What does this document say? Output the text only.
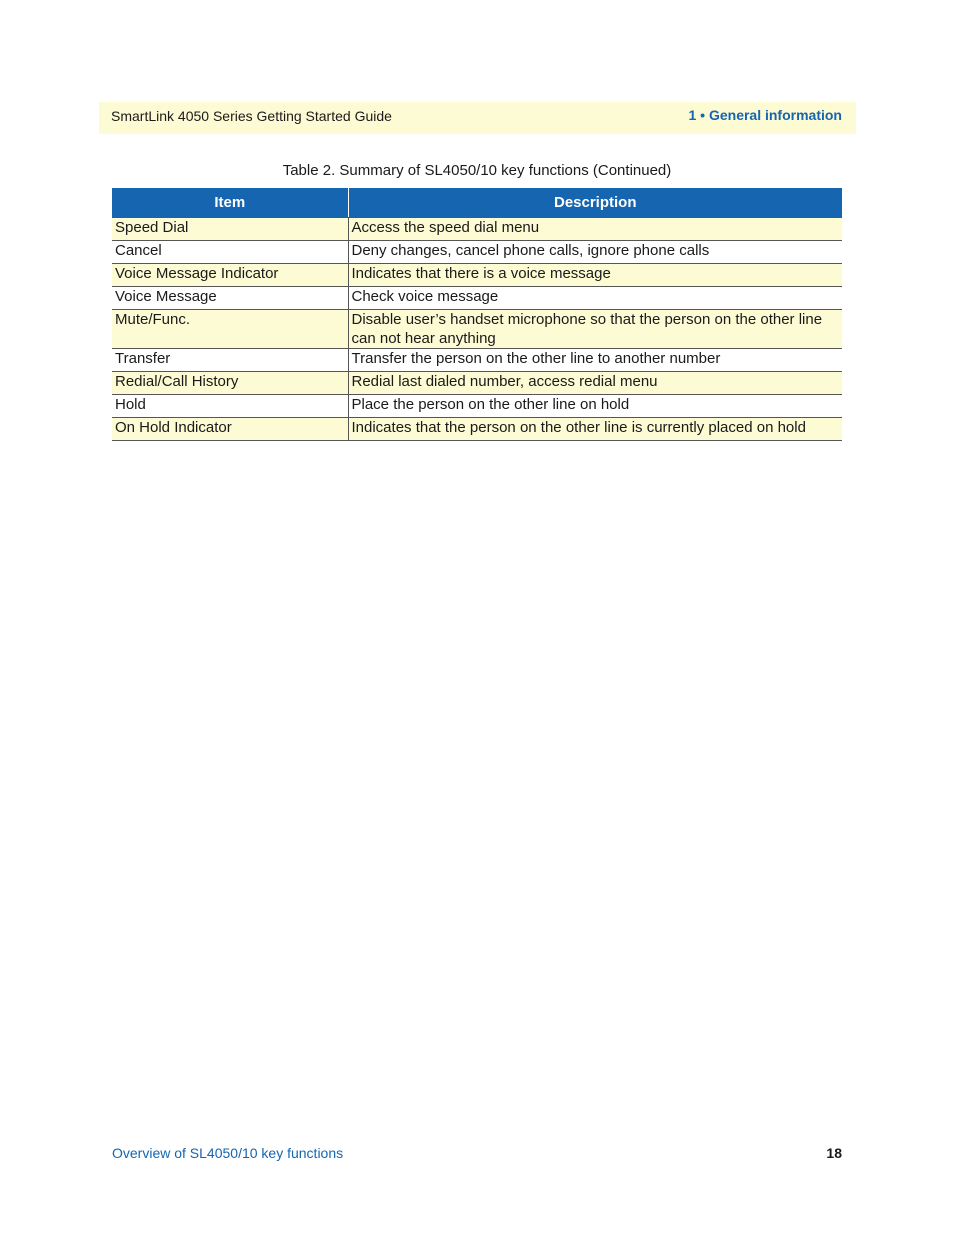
SmartLink 4050 Series Getting Started Guide	1 • General information
Table 2. Summary of SL4050/10 key functions (Continued)
Item	Description
Speed Dial	Access the speed dial menu
Cancel	Deny changes, cancel phone calls, ignore phone calls
Voice Message Indicator	Indicates that there is a voice message
Voice Message	Check voice message
Mute/Func.	Disable user’s handset microphone so that the person on the other line can not hear anything
Transfer	Transfer the person on the other line to another number
Redial/Call History	Redial last dialed number, access redial menu
Hold	Place the person on the other line on hold
On Hold Indicator	Indicates that the person on the other line is currently placed on hold
Overview of SL4050/10 key functions	18
